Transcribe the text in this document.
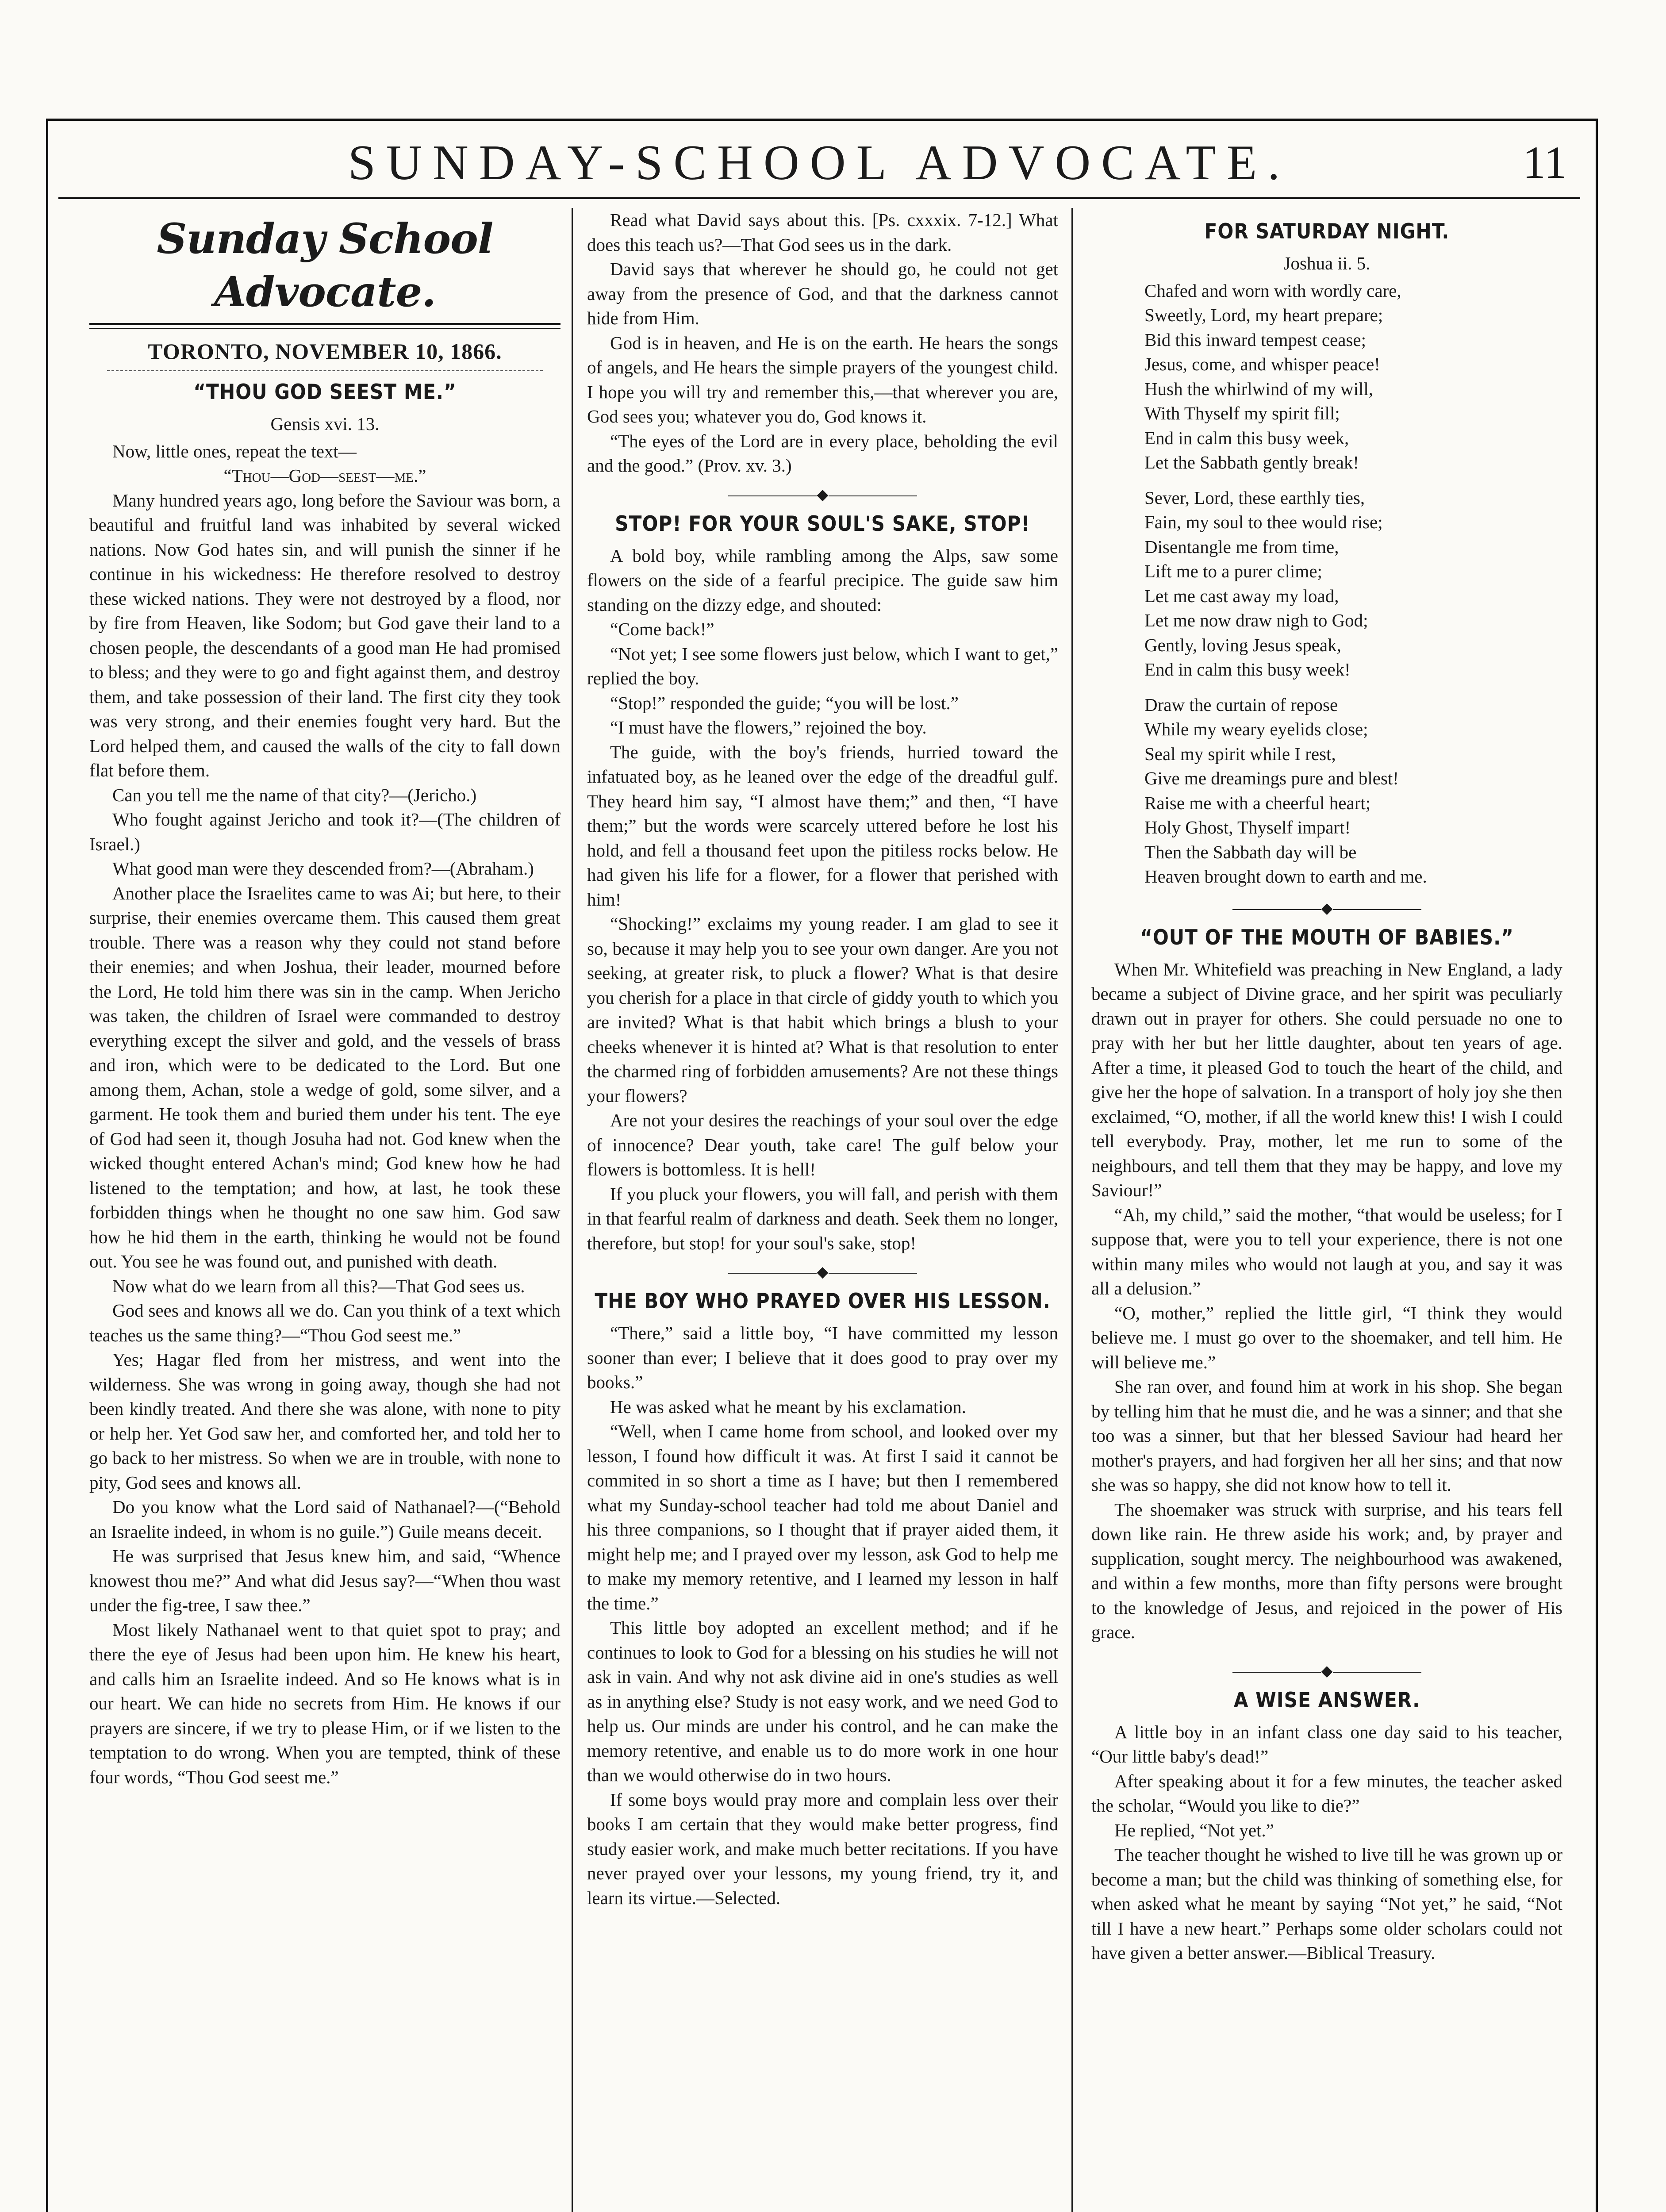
SUNDAY-SCHOOL ADVOCATE.	11
Sunday School Advocate.
TORONTO, NOVEMBER 10, 1866.
“THOU GOD SEEST ME.”

Gensis xvi. 13.

Now, little ones, repeat the text—

“Thou—God—seest—me.”

Many hundred years ago, long before the Saviour was born, a beautiful and fruitful land was inhabited by several wicked nations. Now God hates sin, and will punish the sinner if he continue in his wickedness: He therefore resolved to destroy these wicked nations. They were not destroyed by a flood, nor by fire from Heaven, like Sodom; but God gave their land to a chosen people, the descendants of a good man He had promised to bless; and they were to go and fight against them, and destroy them, and take possession of their land. The first city they took was very strong, and their enemies fought very hard. But the Lord helped them, and caused the walls of the city to fall down flat before them.

Can you tell me the name of that city?—(Jericho.)

Who fought against Jericho and took it?—(The children of Israel.)

What good man were they descended from?—(Abraham.)

Another place the Israelites came to was Ai; but here, to their surprise, their enemies overcame them. This caused them great trouble. There was a reason why they could not stand before their enemies; and when Joshua, their leader, mourned before the Lord, He told him there was sin in the camp. When Jericho was taken, the children of Israel were commanded to destroy everything except the silver and gold, and the vessels of brass and iron, which were to be dedicated to the Lord. But one among them, Achan, stole a wedge of gold, some silver, and a garment. He took them and buried them under his tent. The eye of God had seen it, though Josuha had not. God knew when the wicked thought entered Achan's mind; God knew how he had listened to the temptation; and how, at last, he took these forbidden things when he thought no one saw him. God saw how he hid them in the earth, thinking he would not be found out. You see he was found out, and punished with death.

Now what do we learn from all this?—That God sees us.

God sees and knows all we do. Can you think of a text which teaches us the same thing?—“Thou God seest me.”

Yes; Hagar fled from her mistress, and went into the wilderness. She was wrong in going away, though she had not been kindly treated. And there she was alone, with none to pity or help her. Yet God saw her, and comforted her, and told her to go back to her mistress. So when we are in trouble, with none to pity, God sees and knows all.

Do you know what the Lord said of Nathanael?—(“Behold an Israelite indeed, in whom is no guile.”) Guile means deceit.

He was surprised that Jesus knew him, and said, “Whence knowest thou me?” And what did Jesus say?—“When thou wast under the fig-tree, I saw thee.”

Most likely Nathanael went to that quiet spot to pray; and there the eye of Jesus had been upon him. He knew his heart, and calls him an Israelite indeed. And so He knows what is in our heart. We can hide no secrets from Him. He knows if our prayers are sincere, if we try to please Him, or if we listen to the temptation to do wrong. When you are tempted, think of these four words, “Thou God seest me.”

Read what David says about this. [Ps. cxxxix. 7-12.] What does this teach us?—That God sees us in the dark.

David says that wherever he should go, he could not get away from the presence of God, and that the darkness cannot hide from Him.

God is in heaven, and He is on the earth. He hears the songs of angels, and He hears the simple prayers of the youngest child. I hope you will try and remember this,—that wherever you are, God sees you; whatever you do, God knows it.

“The eyes of the Lord are in every place, beholding the evil and the good.” (Prov. xv. 3.)

◆
STOP! FOR YOUR SOUL'S SAKE, STOP!

A bold boy, while rambling among the Alps, saw some flowers on the side of a fearful precipice. The guide saw him standing on the dizzy edge, and shouted:

“Come back!”

“Not yet; I see some flowers just below, which I want to get,” replied the boy.

“Stop!” responded the guide; “you will be lost.”

“I must have the flowers,” rejoined the boy.

The guide, with the boy's friends, hurried toward the infatuated boy, as he leaned over the edge of the dreadful gulf. They heard him say, “I almost have them;” and then, “I have them;” but the words were scarcely uttered before he lost his hold, and fell a thousand feet upon the pitiless rocks below. He had given his life for a flower, for a flower that perished with him!

“Shocking!” exclaims my young reader. I am glad to see it so, because it may help you to see your own danger. Are you not seeking, at greater risk, to pluck a flower? What is that desire you cherish for a place in that circle of giddy youth to which you are invited? What is that habit which brings a blush to your cheeks whenever it is hinted at? What is that resolution to enter the charmed ring of forbidden amusements? Are not these things your flowers?

Are not your desires the reachings of your soul over the edge of innocence? Dear youth, take care! The gulf below your flowers is bottomless. It is hell!

If you pluck your flowers, you will fall, and perish with them in that fearful realm of darkness and death. Seek them no longer, therefore, but stop! for your soul's sake, stop!

◆
THE BOY WHO PRAYED OVER HIS LESSON.

“There,” said a little boy, “I have committed my lesson sooner than ever; I believe that it does good to pray over my books.”

He was asked what he meant by his exclamation.

“Well, when I came home from school, and looked over my lesson, I found how difficult it was. At first I said it cannot be commited in so short a time as I have; but then I remembered what my Sunday-school teacher had told me about Daniel and his three companions, so I thought that if prayer aided them, it might help me; and I prayed over my lesson, ask God to help me to make my memory retentive, and I learned my lesson in half the time.”

This little boy adopted an excellent method; and if he continues to look to God for a blessing on his studies he will not ask in vain. And why not ask divine aid in one's studies as well as in anything else? Study is not easy work, and we need God to help us. Our minds are under his control, and he can make the memory retentive, and enable us to do more work in one hour than we would otherwise do in two hours.

If some boys would pray more and complain less over their books I am certain that they would make better progress, find study easier work, and make much better recitations. If you have never prayed over your lessons, my young friend, try it, and learn its virtue.—Selected.

FOR SATURDAY NIGHT.

Joshua ii. 5.

Chafed and worn with wordly care,

Sweetly, Lord, my heart prepare;

Bid this inward tempest cease;

Jesus, come, and whisper peace!

Hush the whirlwind of my will,

With Thyself my spirit fill;

End in calm this busy week,

Let the Sabbath gently break!

Sever, Lord, these earthly ties,

Fain, my soul to thee would rise;

Disentangle me from time,

Lift me to a purer clime;

Let me cast away my load,

Let me now draw nigh to God;

Gently, loving Jesus speak,

End in calm this busy week!

Draw the curtain of repose

While my weary eyelids close;

Seal my spirit while I rest,

Give me dreamings pure and blest!

Raise me with a cheerful heart;

Holy Ghost, Thyself impart!

Then the Sabbath day will be

Heaven brought down to earth and me.

◆
“OUT OF THE MOUTH OF BABIES.”

When Mr. Whitefield was preaching in New England, a lady became a subject of Divine grace, and her spirit was peculiarly drawn out in prayer for others. She could persuade no one to pray with her but her little daughter, about ten years of age. After a time, it pleased God to touch the heart of the child, and give her the hope of salvation. In a transport of holy joy she then exclaimed, “O, mother, if all the world knew this! I wish I could tell everybody. Pray, mother, let me run to some of the neighbours, and tell them that they may be happy, and love my Saviour!”

“Ah, my child,” said the mother, “that would be useless; for I suppose that, were you to tell your experience, there is not one within many miles who would not laugh at you, and say it was all a delusion.”

“O, mother,” replied the little girl, “I think they would believe me. I must go over to the shoemaker, and tell him. He will believe me.”

She ran over, and found him at work in his shop. She began by telling him that he must die, and he was a sinner; and that she too was a sinner, but that her blessed Saviour had heard her mother's prayers, and had forgiven her all her sins; and that now she was so happy, she did not know how to tell it.

The shoemaker was struck with surprise, and his tears fell down like rain. He threw aside his work; and, by prayer and supplication, sought mercy. The neighbourhood was awakened, and within a few months, more than fifty persons were brought to the knowledge of Jesus, and rejoiced in the power of His grace.

◆
A WISE ANSWER.

A little boy in an infant class one day said to his teacher, “Our little baby's dead!”

After speaking about it for a few minutes, the teacher asked the scholar, “Would you like to die?”

He replied, “Not yet.”

The teacher thought he wished to live till he was grown up or become a man; but the child was thinking of something else, for when asked what he meant by saying “Not yet,” he said, “Not till I have a new heart.” Perhaps some older scholars could not have given a better answer.—Biblical Treasury.
